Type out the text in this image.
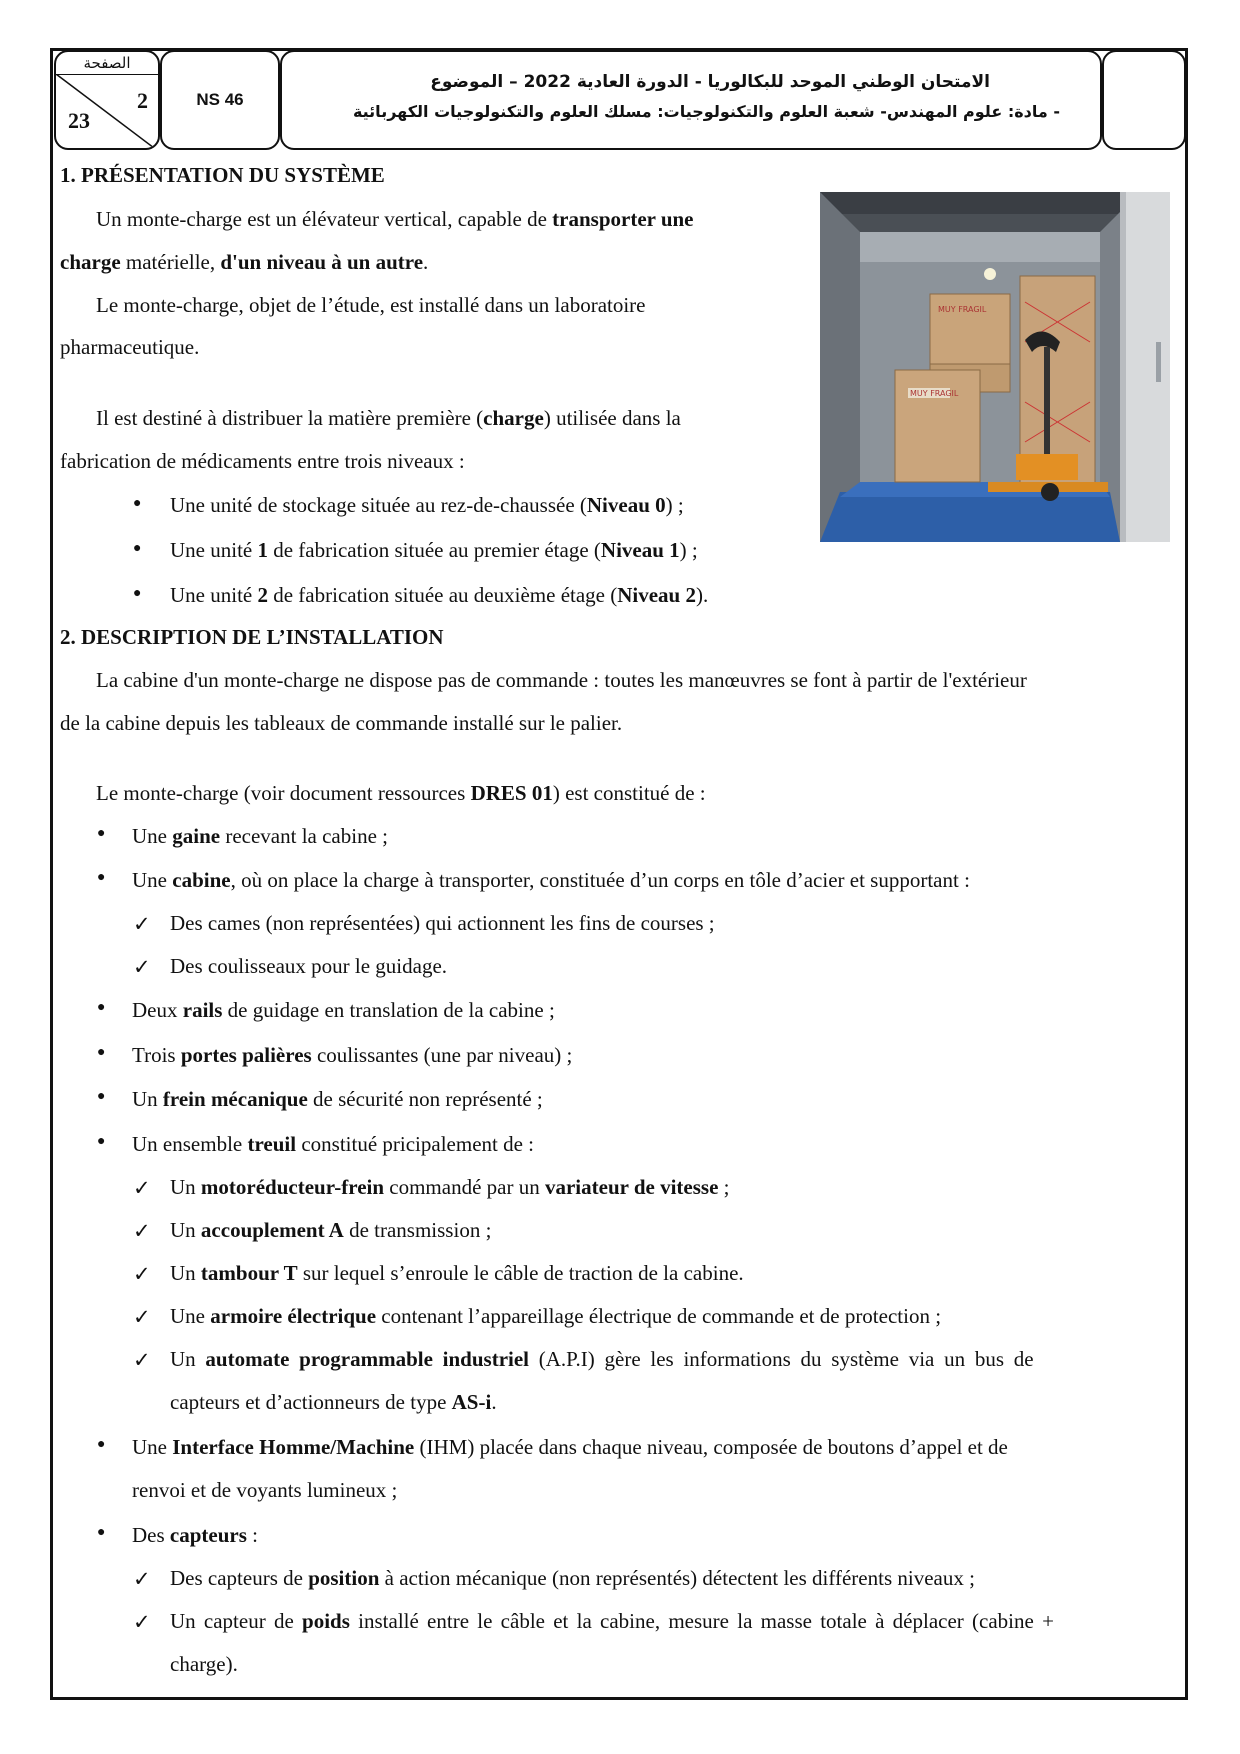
الصفحة
2
23
NS 46
الامتحان الوطني الموحد للبكالوريا - الدورة العادية 2022 – الموضوع
- مادة: علوم المهندس- شعبة العلوم والتكنولوجيات: مسلك العلوم والتكنولوجيات الكهربائية
1. PRÉSENTATION DU SYSTÈME
Un monte-charge est un élévateur vertical, capable de transporter une
charge matérielle, d'un niveau à un autre.
Le monte-charge, objet de l’étude, est installé dans un laboratoire
pharmaceutique.
Il est destiné à distribuer la matière première (charge) utilisée dans la
fabrication de médicaments entre trois niveaux :
● Une unité de stockage située au rez-de-chaussée (Niveau 0) ;
● Une unité 1 de fabrication située au premier étage (Niveau 1) ;
● Une unité 2 de fabrication située au deuxième étage (Niveau 2).
MUY FRAGIL
MUY FRAGIL
2. DESCRIPTION DE L’INSTALLATION
La cabine d'un monte-charge ne dispose pas de commande : toutes les manœuvres se font à partir de l'extérieur
de la cabine depuis les tableaux de commande installé sur le palier.
Le monte-charge (voir document ressources DRES 01) est constitué de :
● Une gaine recevant la cabine ;
● Une cabine, où on place la charge à transporter, constituée d’un corps en tôle d’acier et supportant :
✓ Des cames (non représentées) qui actionnent les fins de courses ;
✓ Des coulisseaux pour le guidage.
● Deux rails de guidage en translation de la cabine ;
● Trois portes palières coulissantes (une par niveau) ;
● Un frein mécanique de sécurité non représenté ;
● Un ensemble treuil constitué pricipalement de :
✓ Un motoréducteur-frein commandé par un variateur de vitesse ;
✓ Un accouplement A de transmission ;
✓ Un tambour T sur lequel s’enroule le câble de traction de la cabine.
✓ Une armoire électrique contenant l’appareillage électrique de commande et de protection ;
✓ Un automate programmable industriel (A.P.I) gère les informations du système via un bus de
capteurs et d’actionneurs de type AS-i.
● Une Interface Homme/Machine (IHM) placée dans chaque niveau, composée de boutons d’appel et de
renvoi et de voyants lumineux ;
● Des capteurs :
✓ Des capteurs de position à action mécanique (non représentés) détectent les différents niveaux ;
✓ Un capteur de poids installé entre le câble et la cabine, mesure la masse totale à déplacer (cabine +
charge).
